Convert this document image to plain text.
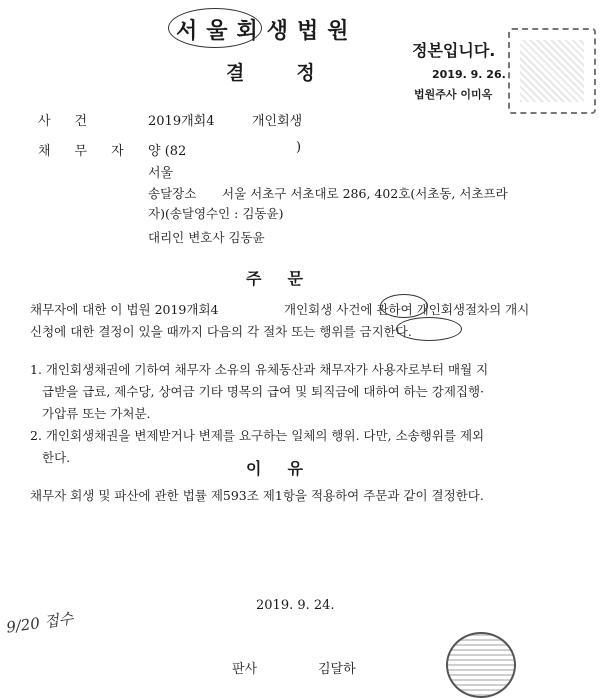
서울회생법원
결정
정본입니다.
2019. 9. 26.
법원주사 이미옥
사건	2019개회4	개인회생
채무자 양 (82	)
서울
송달장소 서울 서초구 서초대로 286, 402호(서초동, 서초프라
자)(송달영수인 : 김동윤)
대리인 변호사 김동윤
주문
채무자에 대한 이 법원 2019개회4	개인회생 사건에 관하여 개인회생절차의 개시
신청에 대한 결정이 있을 때까지 다음의 각 절차 또는 행위를 금지한다.
1. 개인회생채권에 기하여 채무자 소유의 유체동산과 채무자가 사용자로부터 매월 지
급받을 급료, 제수당, 상여금 기타 명목의 급여 및 퇴직금에 대하여 하는 강제집행·
가압류 또는 가처분.
2. 개인회생채권을 변제받거나 변제를 요구하는 일체의 행위. 다만, 소송행위를 제외
한다.
이유
채무자 회생 및 파산에 관한 법률 제593조 제1항을 적용하여 주문과 같이 결정한다.
2019. 9. 24.
판사	김달하
9/20 접수
